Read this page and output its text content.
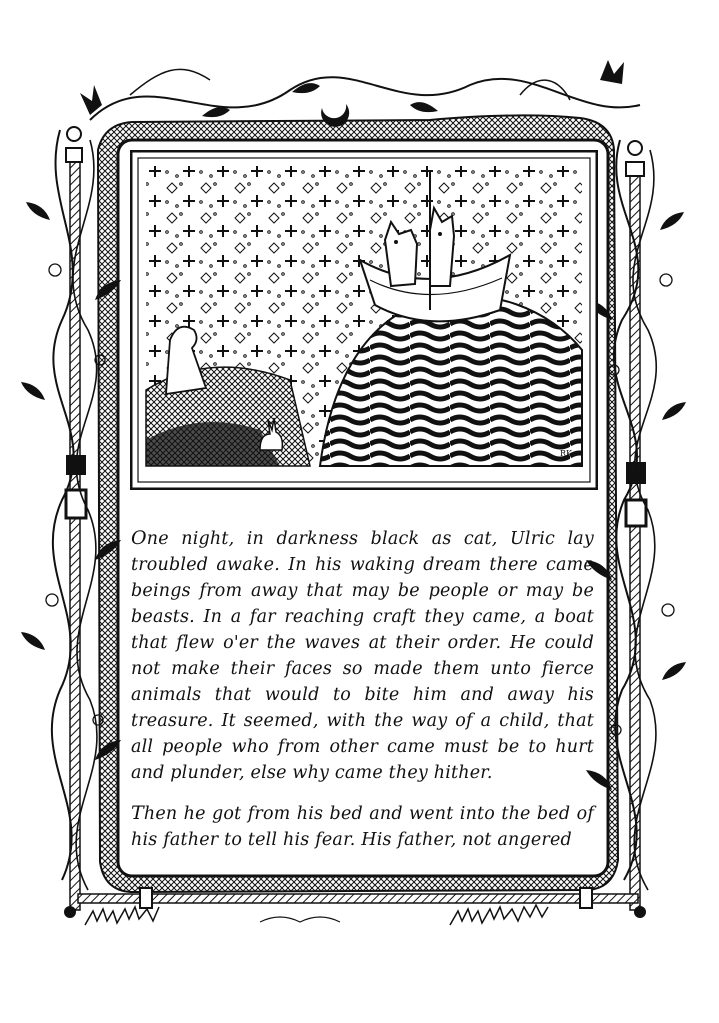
RK

One night, in darkness black as cat, Ulric lay troubled awake. In his waking dream there came beings from away that may be people or may be beasts. In a far reaching craft they came, a boat that flew o'er the waves at their order. He could not make their faces so made them unto fierce animals that would to bite him and away his treasure. It seemed, with the way of a child, that all people who from other came must be to hurt and plunder, else why came they hither.

Then he got from his bed and went into the bed of his father to tell his fear. His father, not angered
